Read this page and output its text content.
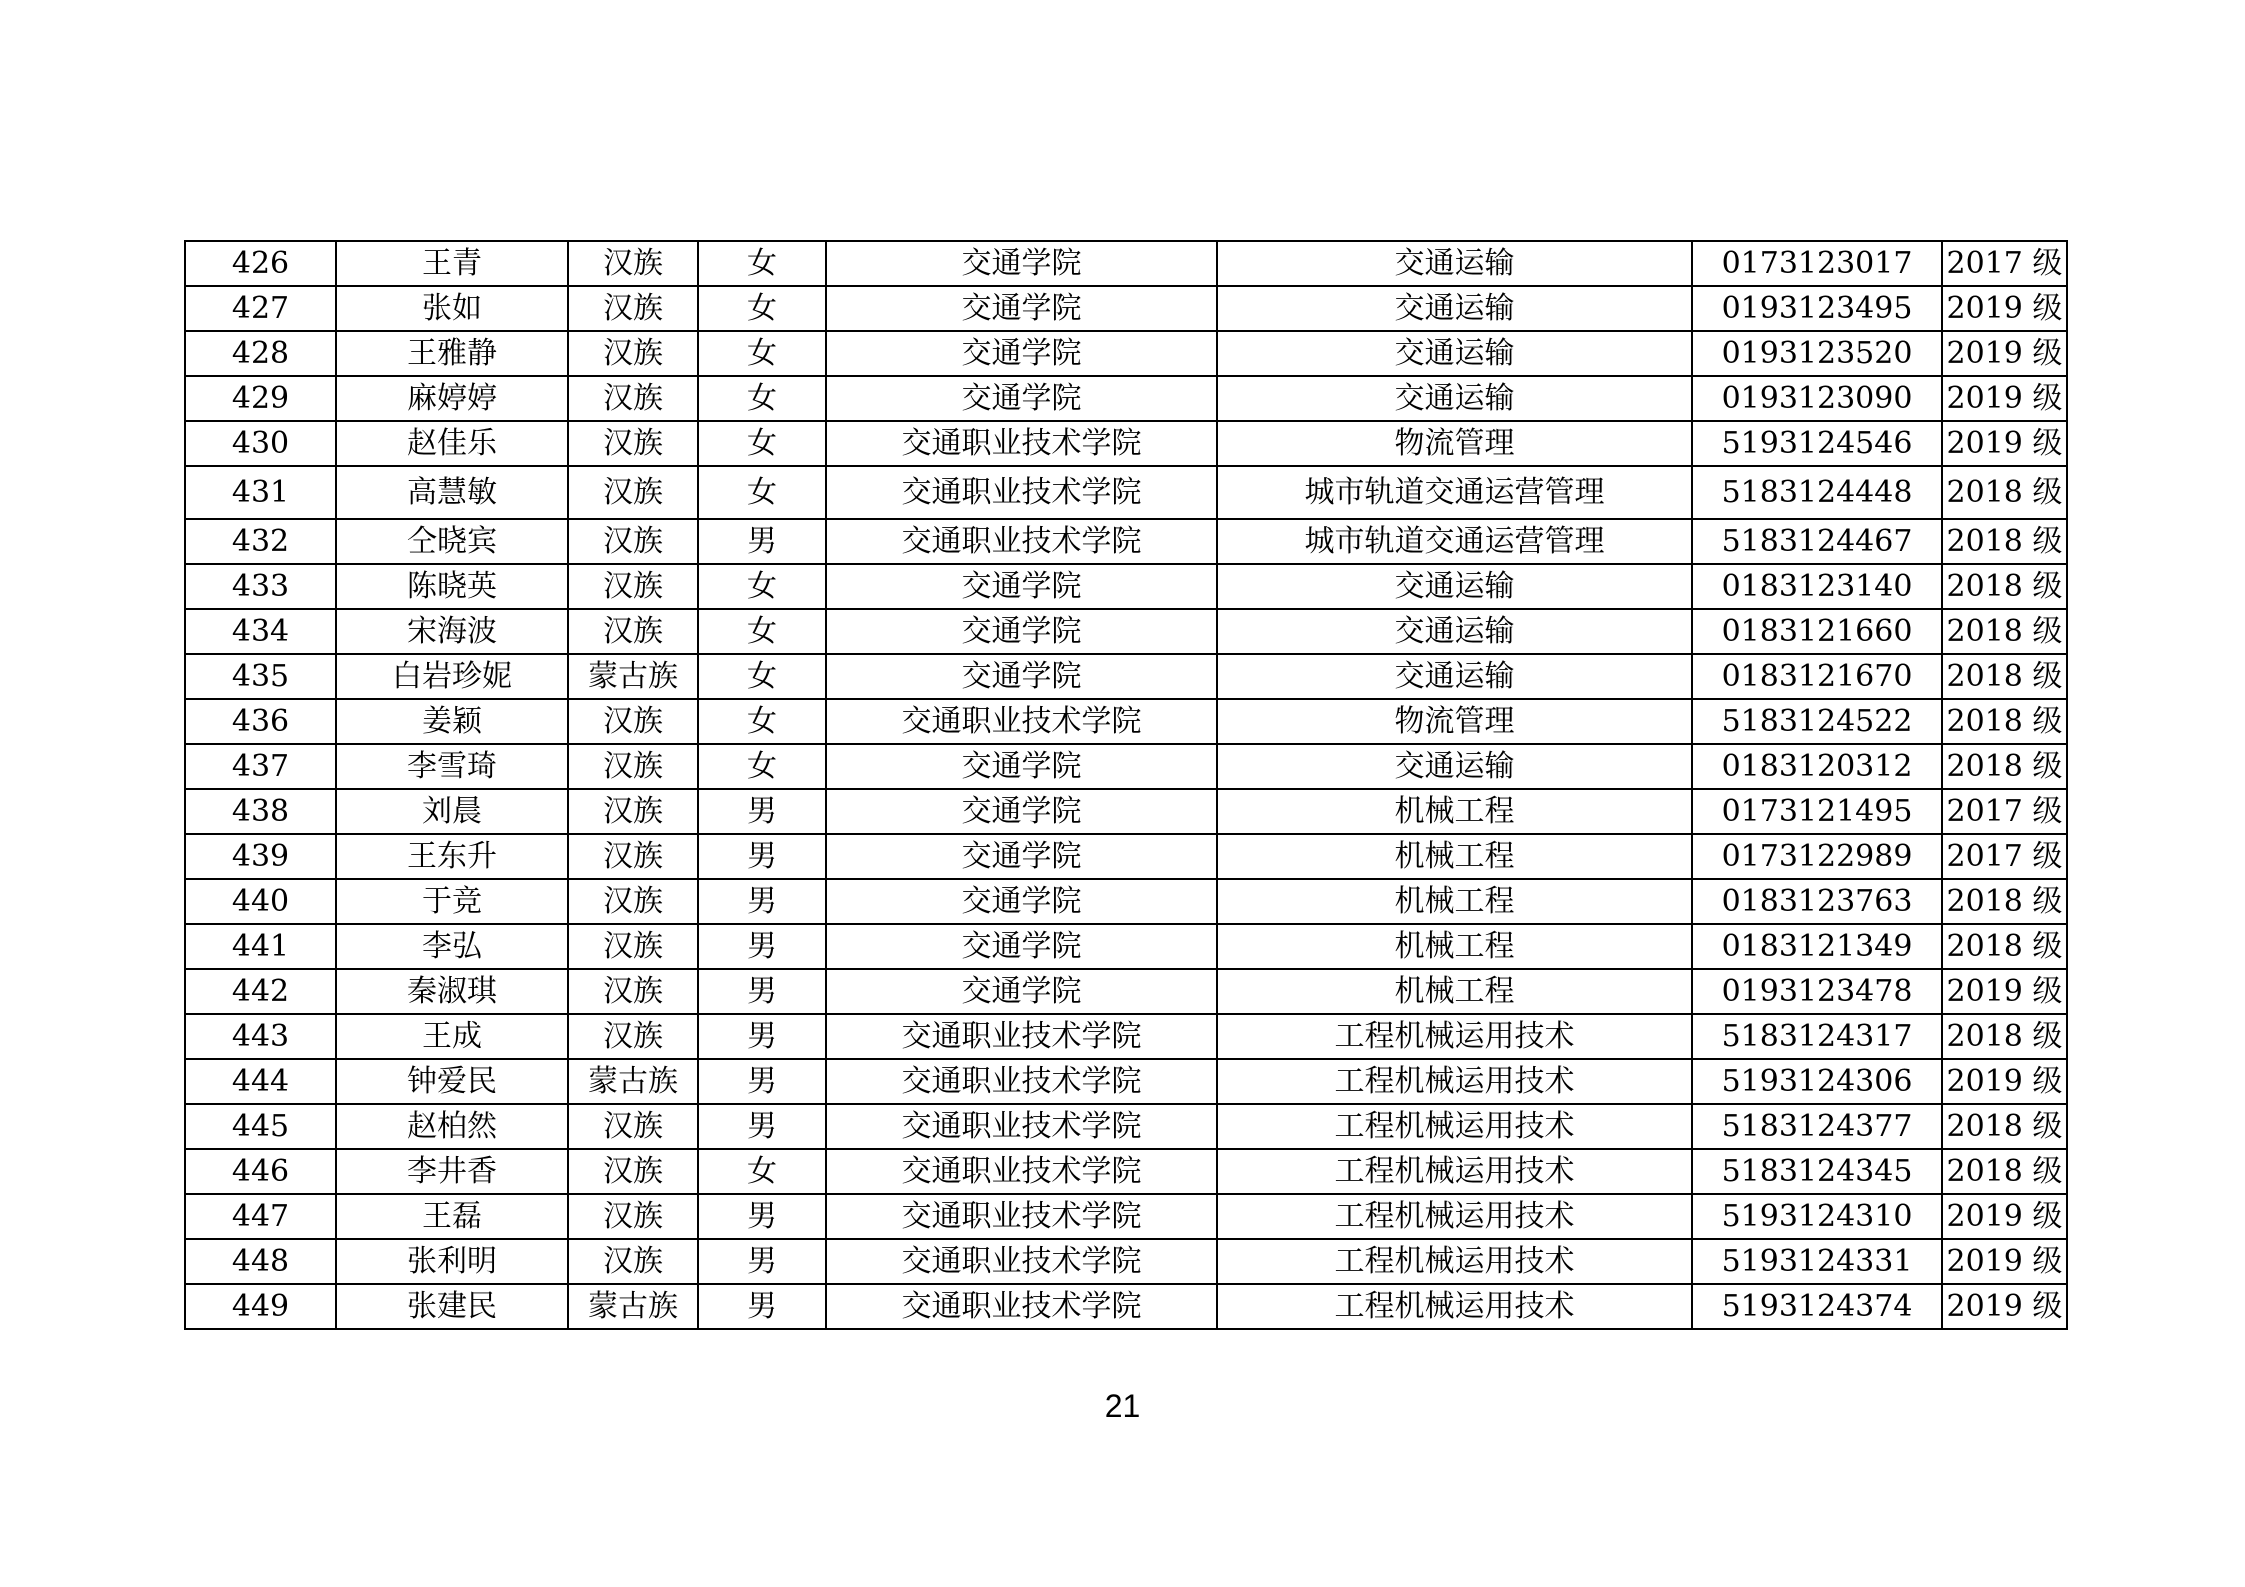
426	王青	汉族	女	交通学院	交通运输	0173123017	2017 级
427	张如	汉族	女	交通学院	交通运输	0193123495	2019 级
428	王雅静	汉族	女	交通学院	交通运输	0193123520	2019 级
429	麻婷婷	汉族	女	交通学院	交通运输	0193123090	2019 级
430	赵佳乐	汉族	女	交通职业技术学院	物流管理	5193124546	2019 级
431	高慧敏	汉族	女	交通职业技术学院	城市轨道交通运营管理	5183124448	2018 级
432	仝晓宾	汉族	男	交通职业技术学院	城市轨道交通运营管理	5183124467	2018 级
433	陈晓英	汉族	女	交通学院	交通运输	0183123140	2018 级
434	宋海波	汉族	女	交通学院	交通运输	0183121660	2018 级
435	白岩珍妮	蒙古族	女	交通学院	交通运输	0183121670	2018 级
436	姜颖	汉族	女	交通职业技术学院	物流管理	5183124522	2018 级
437	李雪琦	汉族	女	交通学院	交通运输	0183120312	2018 级
438	刘晨	汉族	男	交通学院	机械工程	0173121495	2017 级
439	王东升	汉族	男	交通学院	机械工程	0173122989	2017 级
440	于竞	汉族	男	交通学院	机械工程	0183123763	2018 级
441	李弘	汉族	男	交通学院	机械工程	0183121349	2018 级
442	秦淑琪	汉族	男	交通学院	机械工程	0193123478	2019 级
443	王成	汉族	男	交通职业技术学院	工程机械运用技术	5183124317	2018 级
444	钟爱民	蒙古族	男	交通职业技术学院	工程机械运用技术	5193124306	2019 级
445	赵柏然	汉族	男	交通职业技术学院	工程机械运用技术	5183124377	2018 级
446	李井香	汉族	女	交通职业技术学院	工程机械运用技术	5183124345	2018 级
447	王磊	汉族	男	交通职业技术学院	工程机械运用技术	5193124310	2019 级
448	张利明	汉族	男	交通职业技术学院	工程机械运用技术	5193124331	2019 级
449	张建民	蒙古族	男	交通职业技术学院	工程机械运用技术	5193124374	2019 级
21
